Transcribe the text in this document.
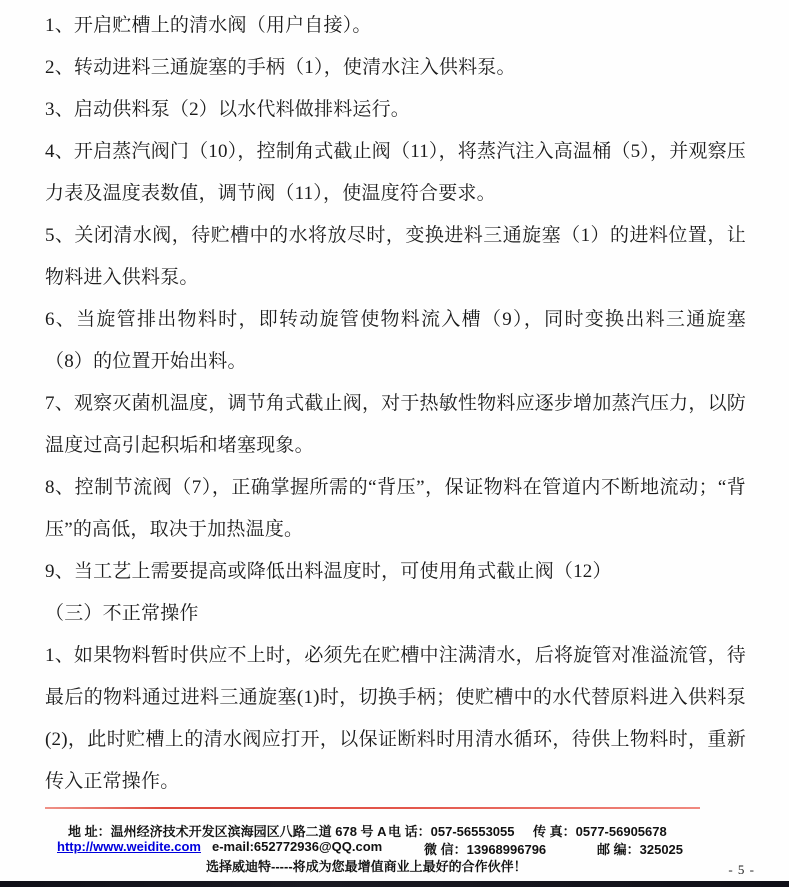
1、开启贮槽上的清水阀（用户自接）。

2、转动进料三通旋塞的手柄（1），使清水注入供料泵。

3、启动供料泵（2）以水代料做排料运行。

4、开启蒸汽阀门（10），控制角式截止阀（11），将蒸汽注入高温桶（5），并观察压力表及温度表数值，调节阀（11），使温度符合要求。

5、关闭清水阀，待贮槽中的水将放尽时，变换进料三通旋塞（1）的进料位置，让物料进入供料泵。

6、当旋管排出物料时，即转动旋管使物料流入槽（9），同时变换出料三通旋塞（8）的位置开始出料。

7、观察灭菌机温度，调节角式截止阀，对于热敏性物料应逐步增加蒸汽压力，以防温度过高引起积垢和堵塞现象。

8、控制节流阀（7），正确掌握所需的“背压”，保证物料在管道内不断地流动；“背压”的高低，取决于加热温度。

9、当工艺上需要提高或降低出料温度时，可使用角式截止阀（12）

（三）不正常操作

1、如果物料暂时供应不上时，必须先在贮槽中注满清水，后将旋管对准溢流管，待最后的物料通过进料三通旋塞(1)时，切换手柄；使贮槽中的水代替原料进入供料泵(2)，此时贮槽上的清水阀应打开，以保证断料时用清水循环，待供上物料时，重新传入正常操作。

地 址：温州经济技术开发区滨海园区八路二道 678 号 A 电 话：057-56553055 传 真：0577-56905678
http://www.weidite.com e-mail:652772936@QQ.com	微 信：13968996796	邮 编：325025
选择威迪特-----将成为您最增值商业上最好的合作伙伴！	- 5 -
